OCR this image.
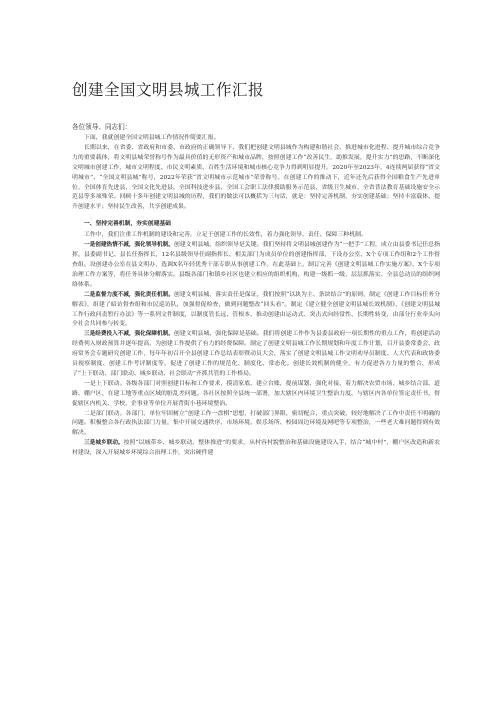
创建全国文明县城工作汇报
各位领导、同志们：

下面，我就创建全国文明县城工作情况作简要汇报。

长期以来，在省委、省政府和市委、市政府的正确领导下，我们把创建文明县城作为构建和谐社会、推进城市化进程、提升城市综合竞争力的重要载体，将文明县城荣誉称号作为最具价值的无形资产和城市品牌，按照创建工作“改善民生，助推发展，提升实力”的思路，不断深化文明城市创建工作，城市文明程度、市民文明素质、百姓生活环境和城市核心竞争力得到明显提升。2020年至2023年，4连续两届获得“省文明城市”、“全国文明县城”称号，2022年荣获“省文明城市示范城市”荣誉称号。在创建工作的推动下，近年还先后获得全国粮食生产先进单位、全国体育先进县、全国文化先进县、全国科技进步县、全国工会职工法律援助服务示范县、省级卫生城市、全省普法教育基础设施安全示范县等多项殊荣。回顾十多年创建文明县城的历程，我们的做法可以概括为三句话，就是：坚持完善机制，夯实创建基础；坚持丰富载体，提升创建水平；坚持民生改善，共享创建成果。

一、坚持完善机制，夯实创建基础

工作中，我们注重工作机制的建设和完善，立足于创建工作的长效性，着力强化领导、责任、保障三种机制。

一是创建热情不减，强化领导机制。创建文明县城，组织领导是关键。我们坚持将文明县城创建作为“一把手”工程，成立由县委书记任总指挥，县委副书记、县长任指挥长，12名县级领导任副指挥长、相关部门为成员单位的创建指挥部，下设办公室、X个专项工作组和2个工作督查组。设创建办公室在县文明办，选调X名年轻优秀干部专职从事创建工作。在此基础上，制订完善《创建文明县城工作实施方案》、X个专项治理工作方案等，将任务具体分解落实。县级各部门和镇乡社区也建立相应的组织机构，构建一级抓一级、层层抓落实、全县总动员的组织网络体系。

二是监督力度不减，强化责任机制。创建文明县城，落实责任是保证。我们按照“以块为主、条块结合”的原则，制定《创建工作目标任务分解表》，组建了暗访督查组和市民巡访队，加强督促检查，做到问题整改“回头看”。制定《建立健全创建文明县城长效机制》、《创建文明县城工作行政问责暂行办法》等一系列文件制度，以制度管长远、管根本，推动创建由运动式、突击式向经常性、长期性转变，由部分行业牵头向全社会共同参与转变。

三是经费投入不减，强化保障机制。创建文明县城，强化保障是基础。我们将创建工作作为县委县政府一项长期性的重点工作，将创建活动经费列入财政预算并逐年提高，为创建工作提供了有力的经费保障。制定了创建文明县城工作长期规划和年度工作计划，召开县委常委会、政府常务会专题研究创建工作，每年年初召开全县创建工作总结表彰暨动员大会，落实了创建文明县城工作文明劝导员制度、人大代表和政协委员视察制度、创建工作考评制度等，促进了创建工作的规范化、制度化、常态化。创建长效机制的健全，有力促进各方力量的整合，形成了“上下联动、部门联动、城乡联动、社会联动”齐抓共管的工作格局。

一是上下联动。各级各部门对照创建目标和工作要求，摸清家底、建立台账，提前谋划、强化对接，着力解决农贸市场、城乡结合部、道路、棚户区、在建工地等重点区域的脏乱差问题。各社区按照全县统一部署，加大辖区内环境卫生整治力度，与辖区内各单位签定责任书，督促辖区内机关、学校、企事业等单位开展背街小巷环境整治。

二是部门联动。各部门，单位牢固树立“创建工作一盘棋”思想，打破部门界限，密切配合，重点突破，较好地解决了工作中责任不明确的问题。积极整合各行政执法部门力量，集中开展交通秩序、市场环境、娱乐场所、校园周边环境及网吧等专项整治，一些老大难问题得到有效解决。

三是城乡联动。按照“以城带乡、城乡联动、整体推进”的要求，从村容村貌整治和基础设施建设入手，结合“城中村”，棚户区改造和新农村建设，深入开展城乡环境综合治理工作，突出硬件建
